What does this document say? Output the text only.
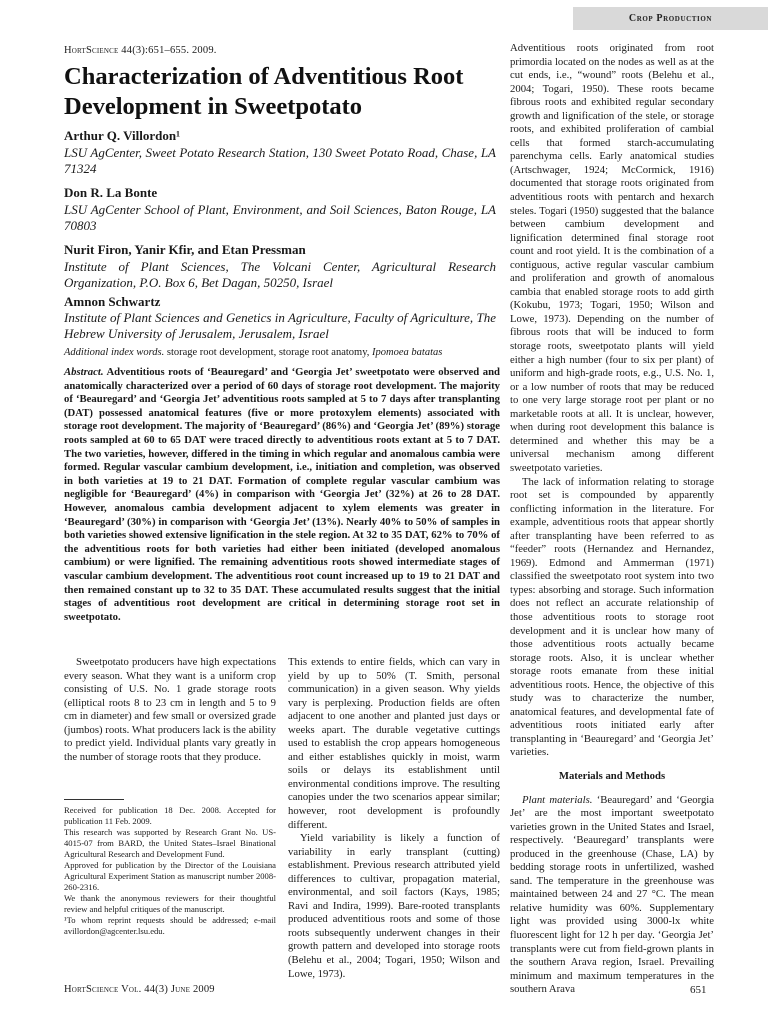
Crop Production
HortScience 44(3):651–655. 2009.
Characterization of Adventitious Root Development in Sweetpotato

Arthur Q. Villordon¹

LSU AgCenter, Sweet Potato Research Station, 130 Sweet Potato Road, Chase, LA 71324

Don R. La Bonte

LSU AgCenter School of Plant, Environment, and Soil Sciences, Baton Rouge, LA 70803

Nurit Firon, Yanir Kfir, and Etan Pressman

Institute of Plant Sciences, The Volcani Center, Agricultural Research Organization, P.O. Box 6, Bet Dagan, 50250, Israel

Amnon Schwartz

Institute of Plant Sciences and Genetics in Agriculture, Faculty of Agriculture, The Hebrew University of Jerusalem, Jerusalem, Israel

Additional index words. storage root development, storage root anatomy, Ipomoea batatas

Abstract. Adventitious roots of ‘Beauregard’ and ‘Georgia Jet’ sweetpotato were observed and anatomically characterized over a period of 60 days of storage root development. The majority of ‘Beauregard’ and ‘Georgia Jet’ adventitious roots sampled at 5 to 7 days after transplanting (DAT) possessed anatomical features (five or more protoxylem elements) associated with storage root development. The majority of ‘Beauregard’ (86%) and ‘Georgia Jet’ (89%) storage roots sampled at 60 to 65 DAT were traced directly to adventitious roots extant at 5 to 7 DAT. The two varieties, however, differed in the timing in which regular and anomalous cambia were formed. Regular vascular cambium development, i.e., initiation and completion, was observed in both varieties at 19 to 21 DAT. Formation of complete regular vascular cambium was negligible for ‘Beauregard’ (4%) in comparison with ‘Georgia Jet’ (32%) at 26 to 28 DAT. However, anomalous cambia development adjacent to xylem elements was greater in ‘Beauregard’ (30%) in comparison with ‘Georgia Jet’ (13%). Nearly 40% to 50% of samples in both varieties showed extensive lignification in the stele region. At 32 to 35 DAT, 62% to 70% of the adventitious roots for both varieties had either been initiated (developed anomalous cambium) or were lignified. The remaining adventitious roots showed intermediate stages of vascular cambium development. The adventitious root count increased up to 19 to 21 DAT and then remained constant up to 32 to 35 DAT. These accumulated results suggest that the initial stages of adventitious root development are critical in determining storage root set in sweetpotato.

Sweetpotato producers have high expectations every season. What they want is a uniform crop consisting of U.S. No. 1 grade storage roots (elliptical roots 8 to 23 cm in length and 5 to 9 cm in diameter) and few small or oversized grade (jumbos) roots. What producers lack is the ability to predict yield. Individual plants vary greatly in the number of storage roots that they produce.

Received for publication 18 Dec. 2008. Accepted for publication 11 Feb. 2009.

This research was supported by Research Grant No. US-4015-07 from BARD, the United States–Israel Binational Agricultural Research and Development Fund.

Approved for publication by the Director of the Louisiana Agricultural Experiment Station as manuscript number 2008-260-2316.

We thank the anonymous reviewers for their thoughtful review and helpful critiques of the manuscript.

¹To whom reprint requests should be addressed; e-mail avillordon@agcenter.lsu.edu.

This extends to entire fields, which can vary in yield by up to 50% (T. Smith, personal communication) in a given season. Why yields vary is perplexing. Production fields are often adjacent to one another and planted just days or weeks apart. The durable vegetative cuttings used to establish the crop appears homogeneous and either establishes quickly in moist, warm soils or delays its establishment until environmental conditions improve. The resulting canopies under the two scenarios appear similar; however, root development is profoundly different.
Yield variability is likely a function of variability in early transplant (cutting) establishment. Previous research attributed yield differences to cultivar, propagation material, environmental, and soil factors (Kays, 1985; Ravi and Indira, 1999). Bare-rooted transplants produced adventitious roots and some of those roots subsequently underwent changes in their growth pattern and developed into storage roots (Belehu et al., 2004; Togari, 1950; Wilson and Lowe, 1973).

Adventitious roots originated from root primordia located on the nodes as well as at the cut ends, i.e., “wound” roots (Belehu et al., 2004; Togari, 1950). These roots became fibrous roots and exhibited regular secondary growth and lignification of the stele, or storage roots, and exhibited proliferation of cambial cells that formed starch-accumulating parenchyma cells. Early anatomical studies (Artschwager, 1924; McCormick, 1916) documented that storage roots originated from adventitious roots with pentarch and hexarch steles. Togari (1950) suggested that the balance between cambium development and lignification determined final storage root count and root yield. It is the combination of a contiguous, active regular vascular cambium and proliferation and growth of anomalous cambia that enabled storage roots to add girth (Kokubu, 1973; Togari, 1950; Wilson and Lowe, 1973). Depending on the number of fibrous roots that will be induced to form storage roots, sweetpotato plants will yield either a high number (four to six per plant) of uniform and high-grade roots, e.g., U.S. No. 1, or a low number of roots that may be reduced to one very large storage root per plant or no marketable roots at all. It is unclear, however, when during root development this balance is determined and whether this may be a universal mechanism among different sweetpotato varieties.

The lack of information relating to storage root set is compounded by apparently conflicting information in the literature. For example, adventitious roots that appear shortly after transplanting have been referred to as “feeder” roots (Hernandez and Hernandez, 1969). Edmond and Ammerman (1971) classified the sweetpotato root system into two types: absorbing and storage. Such information does not reflect an accurate relationship of those adventitious roots to storage root development and it is unclear how many of those adventitious roots actually became storage roots. Also, it is unclear whether storage roots emanate from these initial adventitious roots. Hence, the objective of this study was to characterize the number, anatomical features, and developmental fate of adventitious roots initiated early after transplanting in ‘Beauregard’ and ‘Georgia Jet’ varieties.

Materials and Methods

Plant materials. ‘Beauregard’ and ‘Georgia Jet’ are the most important sweetpotato varieties grown in the United States and Israel, respectively. ‘Beauregard’ transplants were produced in the greenhouse (Chase, LA) by bedding storage roots in unfertilized, washed sand. The temperature in the greenhouse was maintained between 24 and 27 °C. The mean relative humidity was 60%. Supplementary light was provided using 3000-lx white fluorescent light for 12 h per day. ‘Georgia Jet’ transplants were cut from field-grown plants in the southern Arava region, Israel. Prevailing minimum and maximum temperatures in the southern Arava

HortScience Vol. 44(3) June 2009	651
